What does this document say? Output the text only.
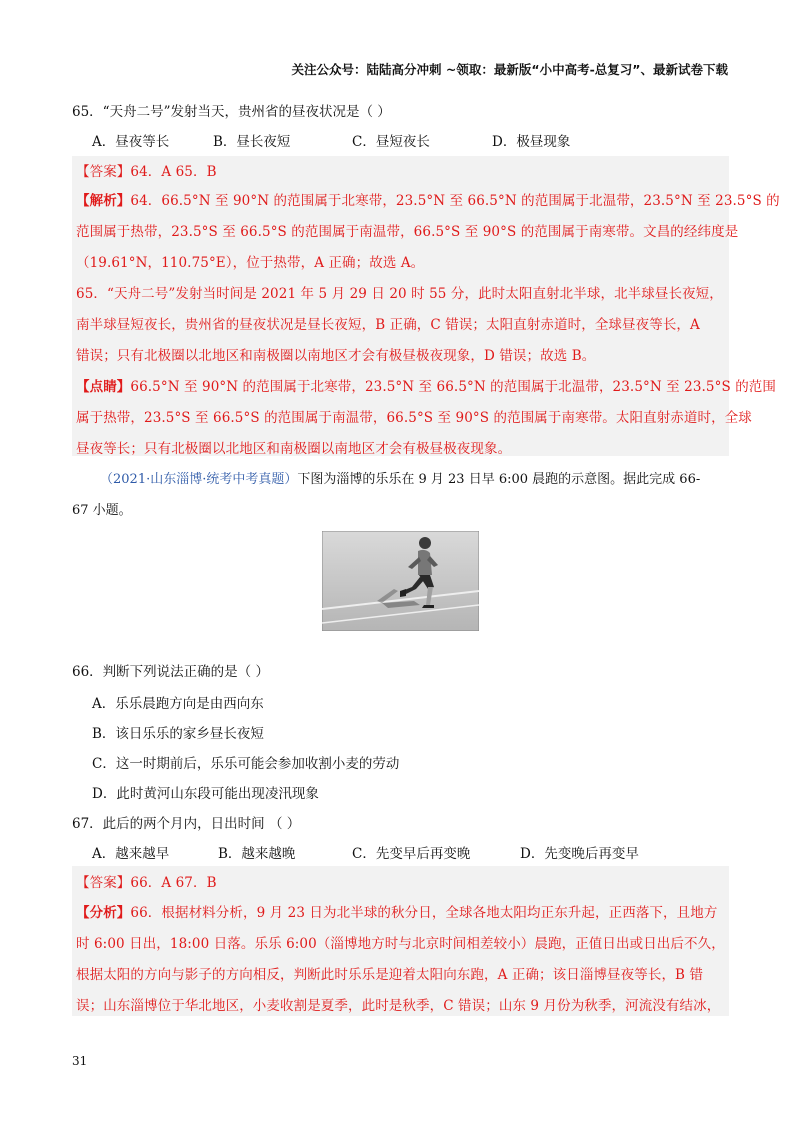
关注公众号：陆陆高分冲刺 ~领取：最新版“小中高考-总复习”、最新试卷下载
65．“天舟二号”发射当天，贵州省的昼夜状况是（ ）
A．昼夜等长	B．昼长夜短	C．昼短夜长	D．极昼现象
【答案】64．A 65．B
【解析】64．66.5°N 至 90°N 的范围属于北寒带，23.5°N 至 66.5°N 的范围属于北温带，23.5°N 至 23.5°S 的
范围属于热带，23.5°S 至 66.5°S 的范围属于南温带，66.5°S 至 90°S 的范围属于南寒带。文昌的经纬度是
（19.61°N，110.75°E），位于热带，A 正确；故选 A。
65．“天舟二号”发射当时间是 2021 年 5 月 29 日 20 时 55 分，此时太阳直射北半球，北半球昼长夜短，
南半球昼短夜长，贵州省的昼夜状况是昼长夜短，B 正确，C 错误；太阳直射赤道时，全球昼夜等长，A
错误；只有北极圈以北地区和南极圈以南地区才会有极昼极夜现象，D 错误；故选 B。
【点睛】66.5°N 至 90°N 的范围属于北寒带，23.5°N 至 66.5°N 的范围属于北温带，23.5°N 至 23.5°S 的范围
属于热带，23.5°S 至 66.5°S 的范围属于南温带，66.5°S 至 90°S 的范围属于南寒带。太阳直射赤道时，全球
昼夜等长；只有北极圈以北地区和南极圈以南地区才会有极昼极夜现象。
（2021·山东淄博·统考中考真题）下图为淄博的乐乐在 9 月 23 日早 6:00 晨跑的示意图。据此完成 66-
67 小题。
66．判断下列说法正确的是（ ）
A．乐乐晨跑方向是由西向东
B．该日乐乐的家乡昼长夜短
C．这一时期前后，乐乐可能会参加收割小麦的劳动
D．此时黄河山东段可能出现凌汛现象
67．此后的两个月内，日出时间 （ ）
A．越来越早	B．越来越晚	C．先变早后再变晚	D．先变晚后再变早
【答案】66．A 67．B
【分析】66．根据材料分析，9 月 23 日为北半球的秋分日，全球各地太阳均正东升起，正西落下，且地方
时 6:00 日出，18:00 日落。乐乐 6:00（淄博地方时与北京时间相差较小）晨跑，正值日出或日出后不久，
根据太阳的方向与影子的方向相反，判断此时乐乐是迎着太阳向东跑，A 正确；该日淄博昼夜等长，B 错
误；山东淄博位于华北地区，小麦收割是夏季，此时是秋季，C 错误；山东 9 月份为秋季，河流没有结冰，
31
